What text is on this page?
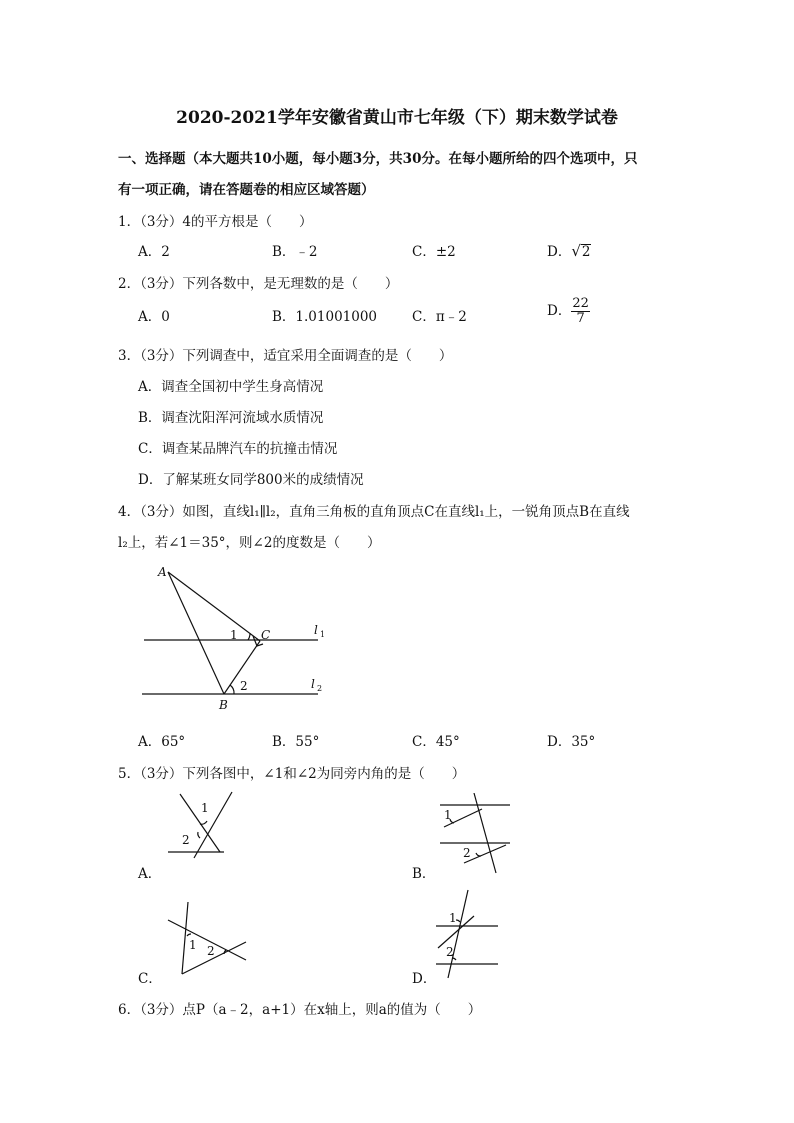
2020-2021学年安徽省黄山市七年级（下）期末数学试卷
一、选择题（本大题共10小题，每小题3分，共30分。在每小题所给的四个选项中，只
有一项正确，请在答题卷的相应区域答题）
1．（3分）4的平方根是（　　）
A．2	B．﹣2	C．±2	D．√2
2．（3分）下列各数中，是无理数的是（　　）
A．0	B．1.01001000	C．π﹣2	D． $\frac{22}{7}$
3．（3分）下列调查中，适宜采用全面调查的是（　　）
A．调查全国初中学生身高情况
B．调查沈阳浑河流域水质情况
C．调查某品牌汽车的抗撞击情况
D．了解某班女同学800米的成绩情况
4．（3分）如图，直线l₁∥l₂，直角三角板的直角顶点C在直线l₁上，一锐角顶点B在直线
l₂上，若∠1＝35°，则∠2的度数是（　　）
A
1 C	l 1
2	l 2
B
A．65°	B．55°	C．45°	D．35°
5．（3分）下列各图中，∠1和∠2为同旁内角的是（　　）
1
2
A．
1
2
B．
1 2
C．
1
2
D．
6．（3分）点P（a﹣2，a+1）在x轴上，则a的值为（　　）
